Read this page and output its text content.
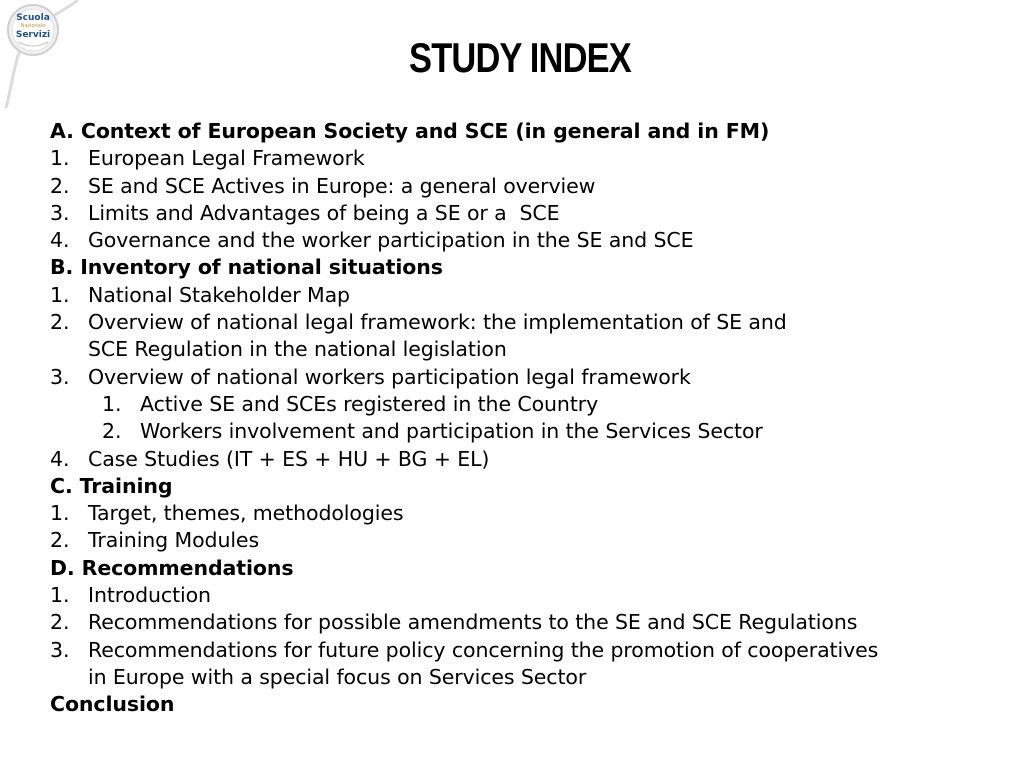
Scuola
Nazionale
Servizi	STUDY INDEX
A. Context of European Society and SCE (in general and in FM)
1. European Legal Framework
2. SE and SCE Actives in Europe: a general overview
3. Limits and Advantages of being a SE or a  SCE
4. Governance and the worker participation in the SE and SCE
B. Inventory of national situations
1. National Stakeholder Map
2. Overview of national legal framework: the implementation of SE and
SCE Regulation in the national legislation
3. Overview of national workers participation legal framework
1. Active SE and SCEs registered in the Country
2. Workers involvement and participation in the Services Sector
4. Case Studies (IT + ES + HU + BG + EL)
C. Training
1. Target, themes, methodologies
2. Training Modules
D. Recommendations
1. Introduction
2. Recommendations for possible amendments to the SE and SCE Regulations
3. Recommendations for future policy concerning the promotion of cooperatives
in Europe with a special focus on Services Sector
Conclusion
